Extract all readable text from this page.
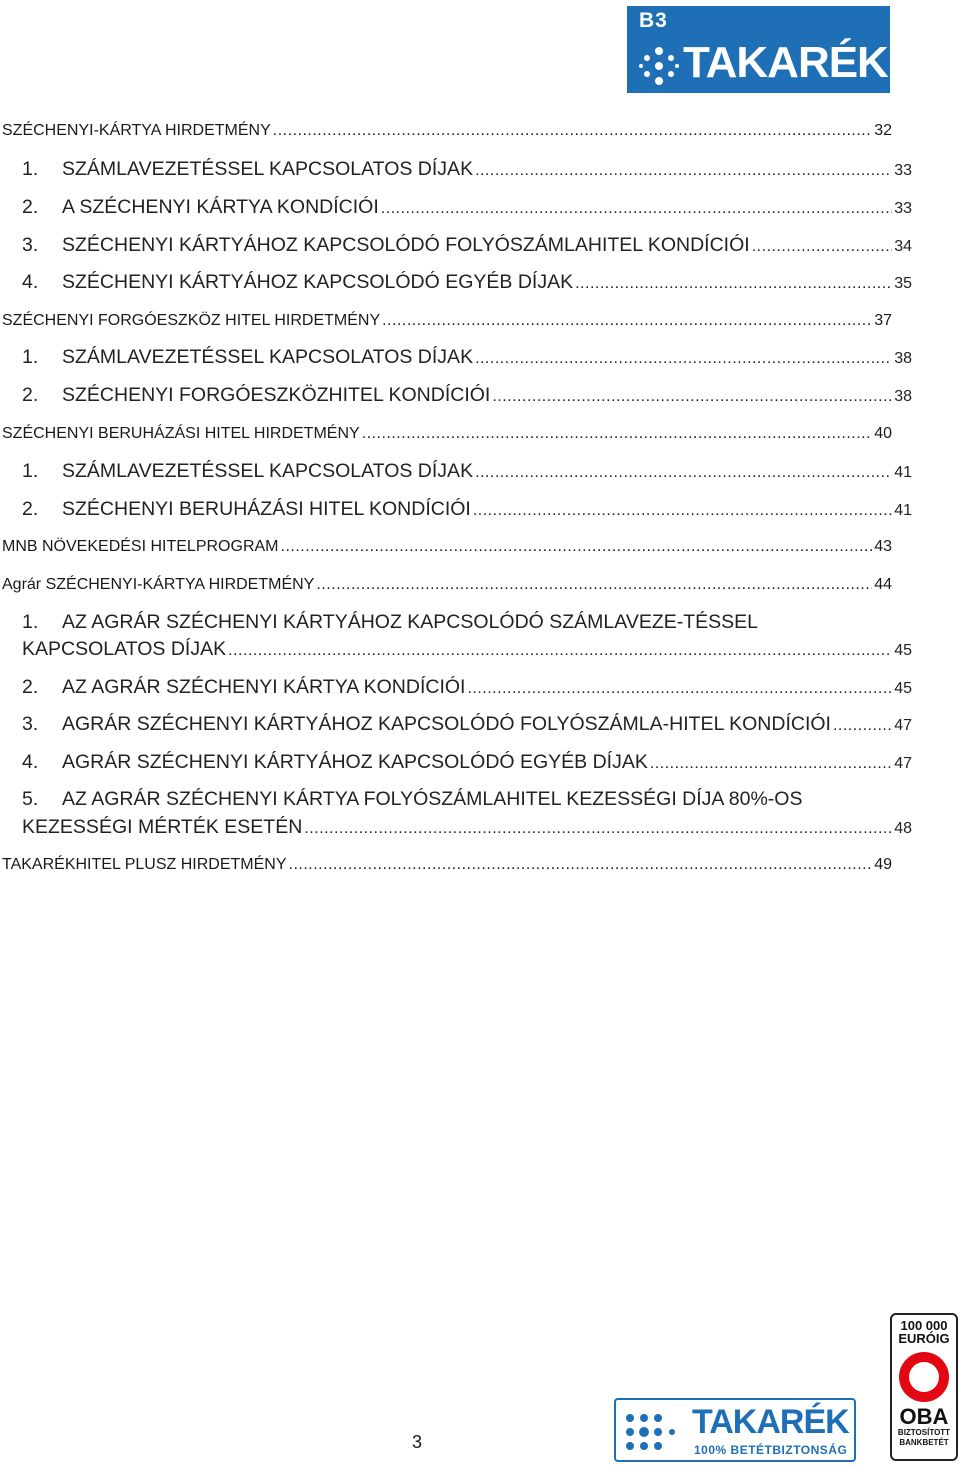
B3
TAKARÉK
SZÉCHENYI-KÁRTYA HIRDETMÉNY .....	32
1.	SZÁMLAVEZETÉSSEL KAPCSOLATOS DÍJAK .....	33
2.	A SZÉCHENYI KÁRTYA KONDÍCIÓI .....	33
3.	SZÉCHENYI KÁRTYÁHOZ KAPCSOLÓDÓ FOLYÓSZÁMLAHITEL KONDÍCIÓI .....	34
4.	SZÉCHENYI KÁRTYÁHOZ KAPCSOLÓDÓ EGYÉB DÍJAK .....	35
SZÉCHENYI FORGÓESZKÖZ HITEL HIRDETMÉNY .....	37
1.	SZÁMLAVEZETÉSSEL KAPCSOLATOS DÍJAK .....	38
2.	SZÉCHENYI FORGÓESZKÖZHITEL KONDÍCIÓI .....	38
SZÉCHENYI BERUHÁZÁSI HITEL HIRDETMÉNY .....	40
1.	SZÁMLAVEZETÉSSEL KAPCSOLATOS DÍJAK .....	41
2.	SZÉCHENYI BERUHÁZÁSI HITEL KONDÍCIÓI .....	41
MNB NÖVEKEDÉSI HITELPROGRAM .....	43
Agrár SZÉCHENYI-KÁRTYA HIRDETMÉNY .....	44
1.	AZ AGRÁR SZÉCHENYI KÁRTYÁHOZ KAPCSOLÓDÓ SZÁMLAVEZE-TÉSSEL
KAPCSOLATOS DÍJAK .....	45
2.	AZ AGRÁR SZÉCHENYI KÁRTYA KONDÍCIÓI .....	45
3.	AGRÁR SZÉCHENYI KÁRTYÁHOZ KAPCSOLÓDÓ FOLYÓSZÁMLA-HITEL KONDÍCIÓI .....	47
4.	AGRÁR SZÉCHENYI KÁRTYÁHOZ KAPCSOLÓDÓ EGYÉB DÍJAK .....	47
5.	AZ AGRÁR SZÉCHENYI KÁRTYA FOLYÓSZÁMLAHITEL KEZESSÉGI DÍJA 80%-OS
KEZESSÉGI MÉRTÉK ESETÉN .....	48
TAKARÉKHITEL PLUSZ HIRDETMÉNY .....	49
3
TAKARÉK
100% BETÉTBIZTONSÁG
100 000
EURÓIG
OBA
BIZTOSÍTOTT
BANKBETÉT
